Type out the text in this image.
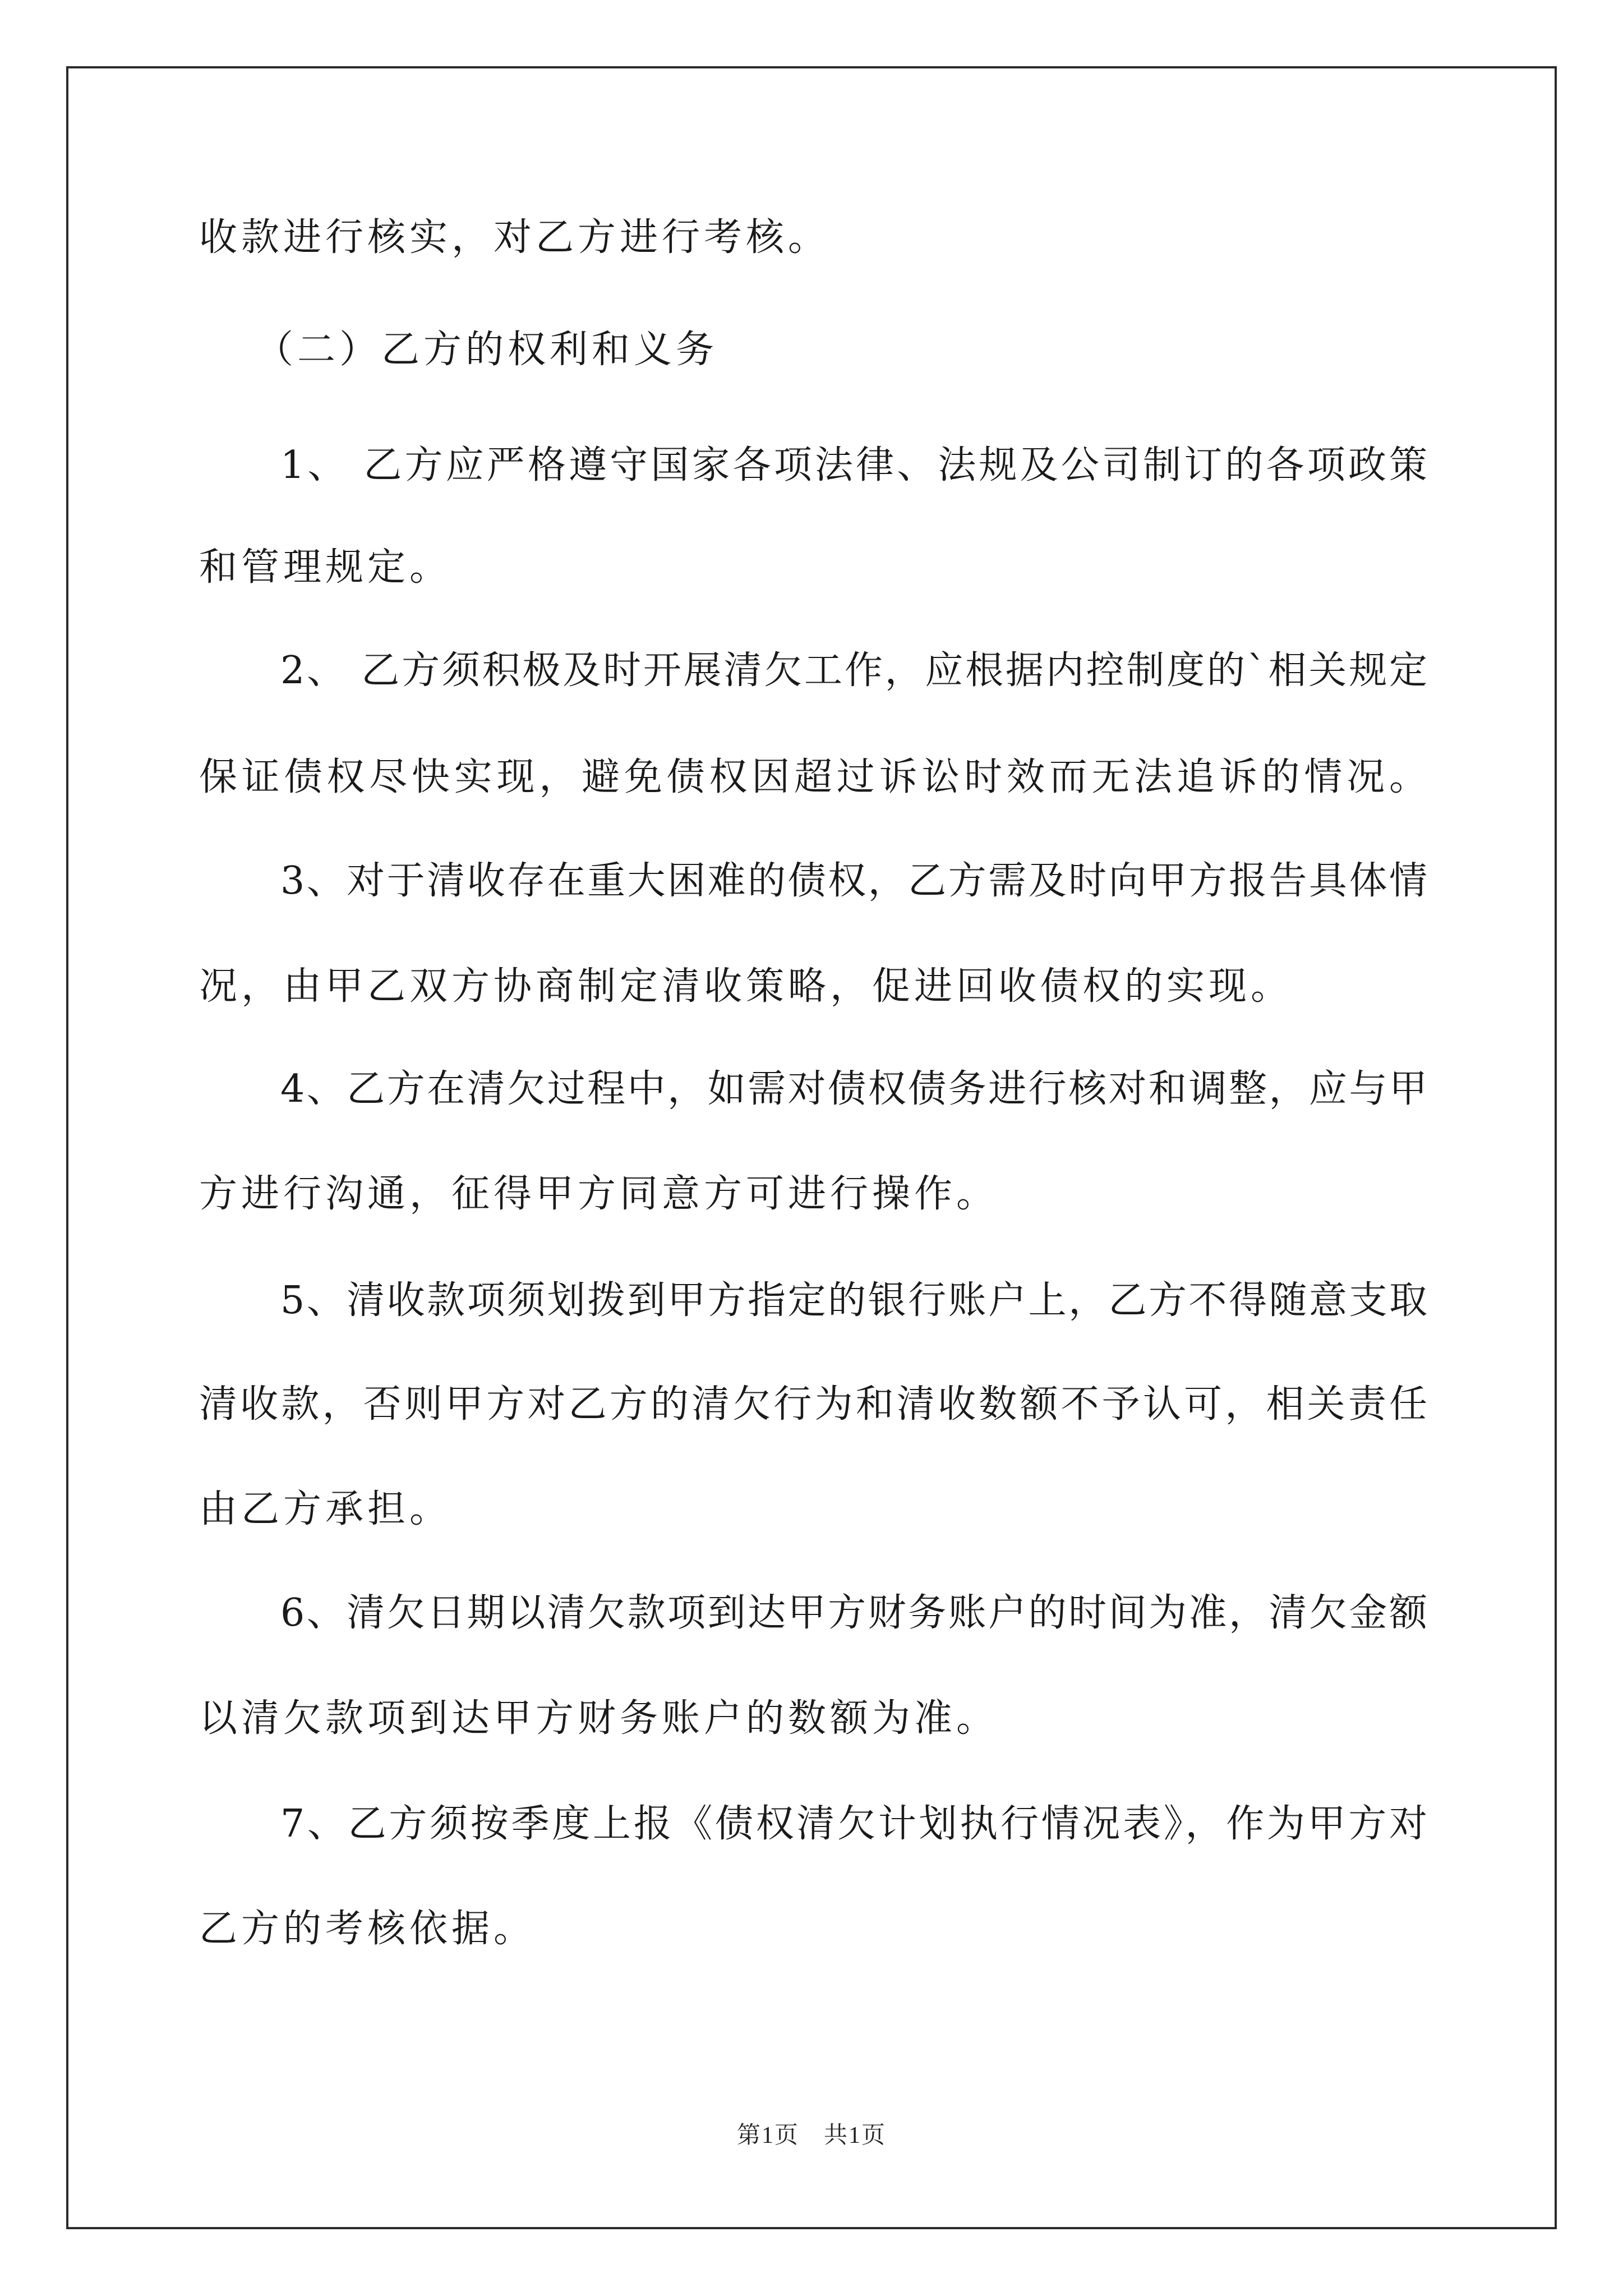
收款进行核实，对乙方进行考核。
（二）乙方的权利和义务
1、 乙方应严格遵守国家各项法律、法规及公司制订的各项政策
和管理规定。
2、 乙方须积极及时开展清欠工作，应根据内控制度的`相关规定
保证债权尽快实现，避免债权因超过诉讼时效而无法追诉的情况。
3、对于清收存在重大困难的债权，乙方需及时向甲方报告具体情
况，由甲乙双方协商制定清收策略，促进回收债权的实现。
4、乙方在清欠过程中，如需对债权债务进行核对和调整，应与甲
方进行沟通，征得甲方同意方可进行操作。
5、清收款项须划拨到甲方指定的银行账户上，乙方不得随意支取
清收款，否则甲方对乙方的清欠行为和清收数额不予认可，相关责任
由乙方承担。
6、清欠日期以清欠款项到达甲方财务账户的时间为准，清欠金额
以清欠款项到达甲方财务账户的数额为准。
7、乙方须按季度上报《债权清欠计划执行情况表》，作为甲方对
乙方的考核依据。
第1页　共1页
